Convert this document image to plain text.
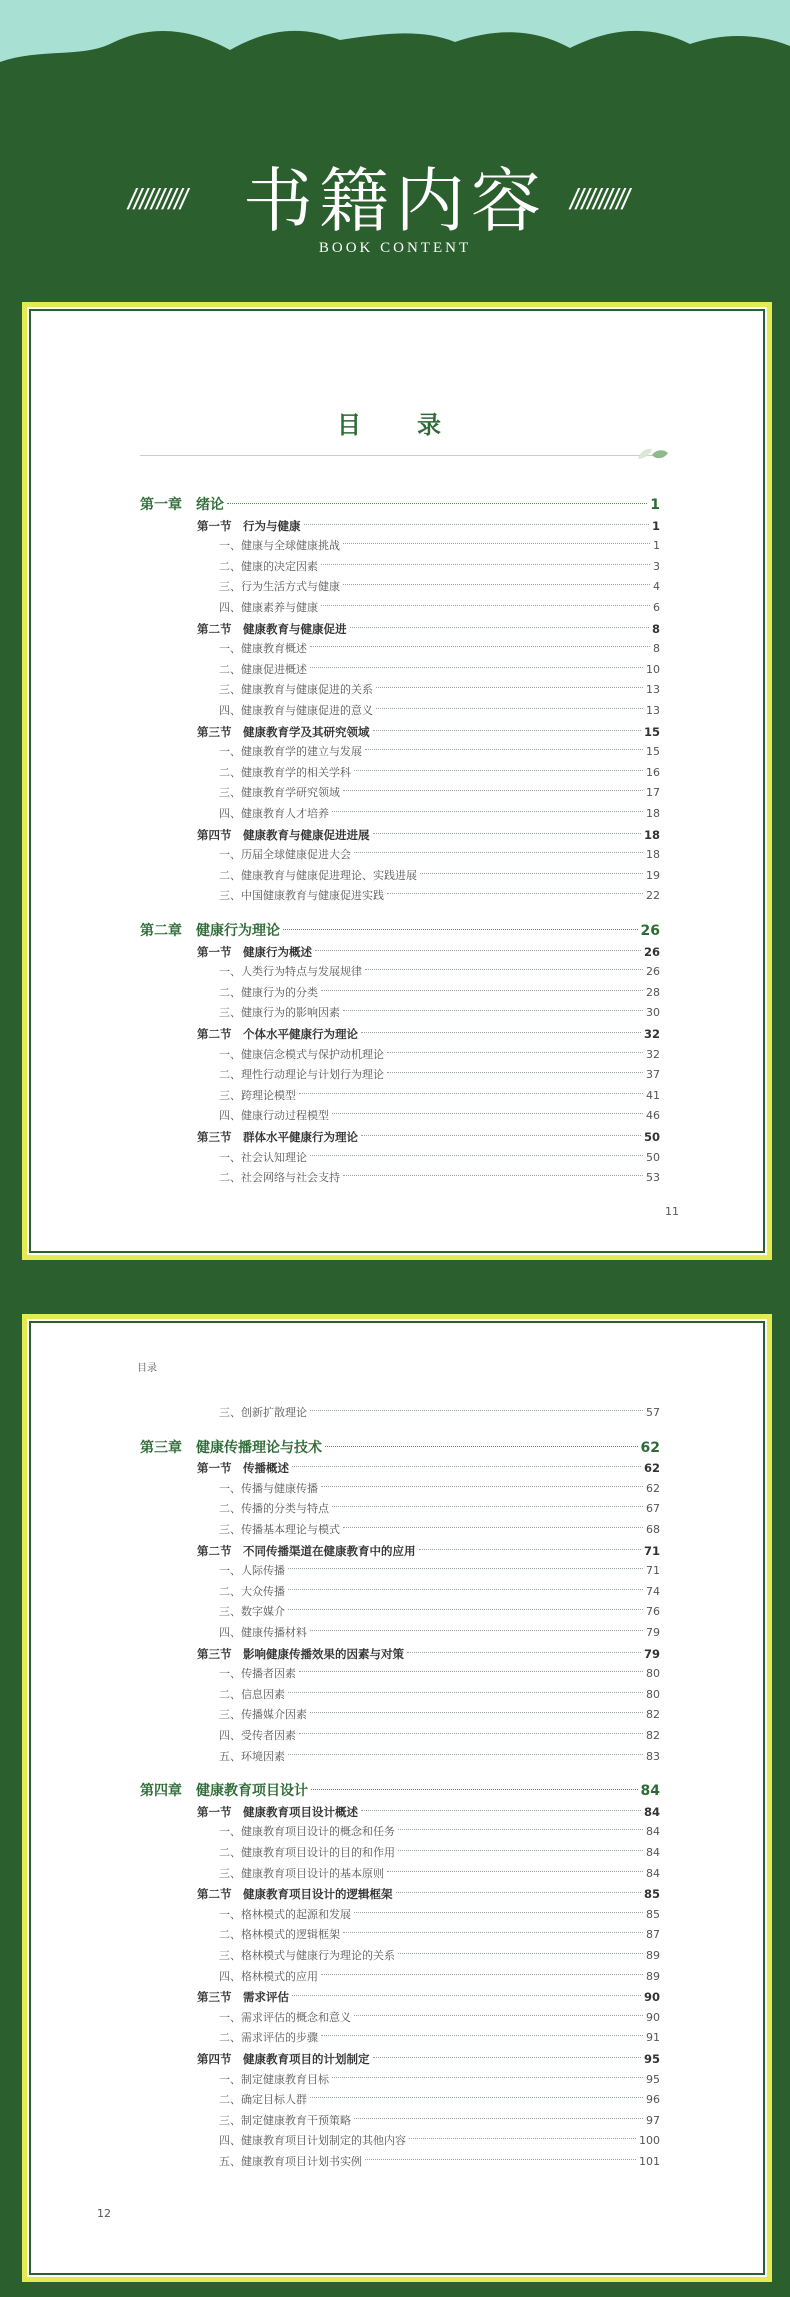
////////// 书籍内容 //////////
BOOK CONTENT
目　录
第一章 绪论	1
第一节 行为与健康	1
一、健康与全球健康挑战	1
二、健康的决定因素	3
三、行为生活方式与健康	4
四、健康素养与健康	6
第二节 健康教育与健康促进	8
一、健康教育概述	8
二、健康促进概述	10
三、健康教育与健康促进的关系	13
四、健康教育与健康促进的意义	13
第三节 健康教育学及其研究领域	15
一、健康教育学的建立与发展	15
二、健康教育学的相关学科	16
三、健康教育学研究领域	17
四、健康教育人才培养	18
第四节 健康教育与健康促进进展	18
一、历届全球健康促进大会	18
二、健康教育与健康促进理论、实践进展	19
三、中国健康教育与健康促进实践	22
第二章 健康行为理论	26
第一节 健康行为概述	26
一、人类行为特点与发展规律	26
二、健康行为的分类	28
三、健康行为的影响因素	30
第二节 个体水平健康行为理论	32
一、健康信念模式与保护动机理论	32
二、理性行动理论与计划行为理论	37
三、跨理论模型	41
四、健康行动过程模型	46
第三节 群体水平健康行为理论	50
一、社会认知理论	50
二、社会网络与社会支持	53
11
目录
三、创新扩散理论	57
第三章 健康传播理论与技术	62
第一节 传播概述	62
一、传播与健康传播	62
二、传播的分类与特点	67
三、传播基本理论与模式	68
第二节 不同传播渠道在健康教育中的应用	71
一、人际传播	71
二、大众传播	74
三、数字媒介	76
四、健康传播材料	79
第三节 影响健康传播效果的因素与对策	79
一、传播者因素	80
二、信息因素	80
三、传播媒介因素	82
四、受传者因素	82
五、环境因素	83
第四章 健康教育项目设计	84
第一节 健康教育项目设计概述	84
一、健康教育项目设计的概念和任务	84
二、健康教育项目设计的目的和作用	84
三、健康教育项目设计的基本原则	84
第二节 健康教育项目设计的逻辑框架	85
一、格林模式的起源和发展	85
二、格林模式的逻辑框架	87
三、格林模式与健康行为理论的关系	89
四、格林模式的应用	89
第三节 需求评估	90
一、需求评估的概念和意义	90
二、需求评估的步骤	91
第四节 健康教育项目的计划制定	95
一、制定健康教育目标	95
二、确定目标人群	96
三、制定健康教育干预策略	97
四、健康教育项目计划制定的其他内容	100
五、健康教育项目计划书实例	101
12
